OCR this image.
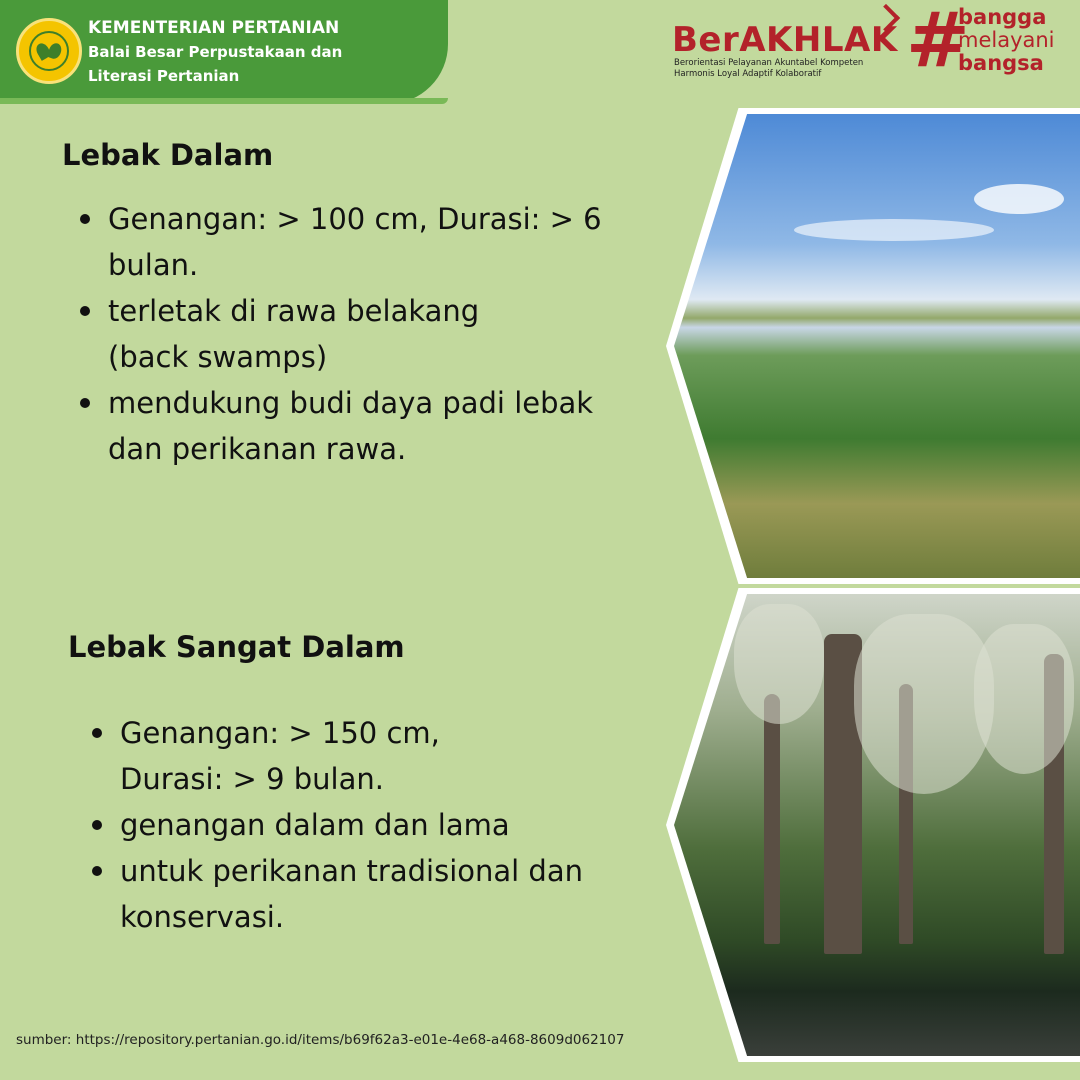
KEMENTERIAN PERTANIAN
Balai Besar Perpustakaan dan
Literasi Pertanian
BerAKHLAK
Berorientasi Pelayanan Akuntabel Kompeten
Harmonis Loyal Adaptif Kolaboratif	#
bangga
melayani
bangsa
Lebak Dalam
Genangan: > 100 cm, Durasi: > 6 bulan.
terletak di rawa belakang (back swamps)
mendukung budi daya padi lebak dan perikanan rawa.
Lebak Sangat Dalam
Genangan: > 150 cm, Durasi: > 9 bulan.
genangan dalam dan lama
untuk perikanan tradisional dan konservasi.
sumber: https://repository.pertanian.go.id/items/b69f62a3-e01e-4e68-a468-8609d062107
